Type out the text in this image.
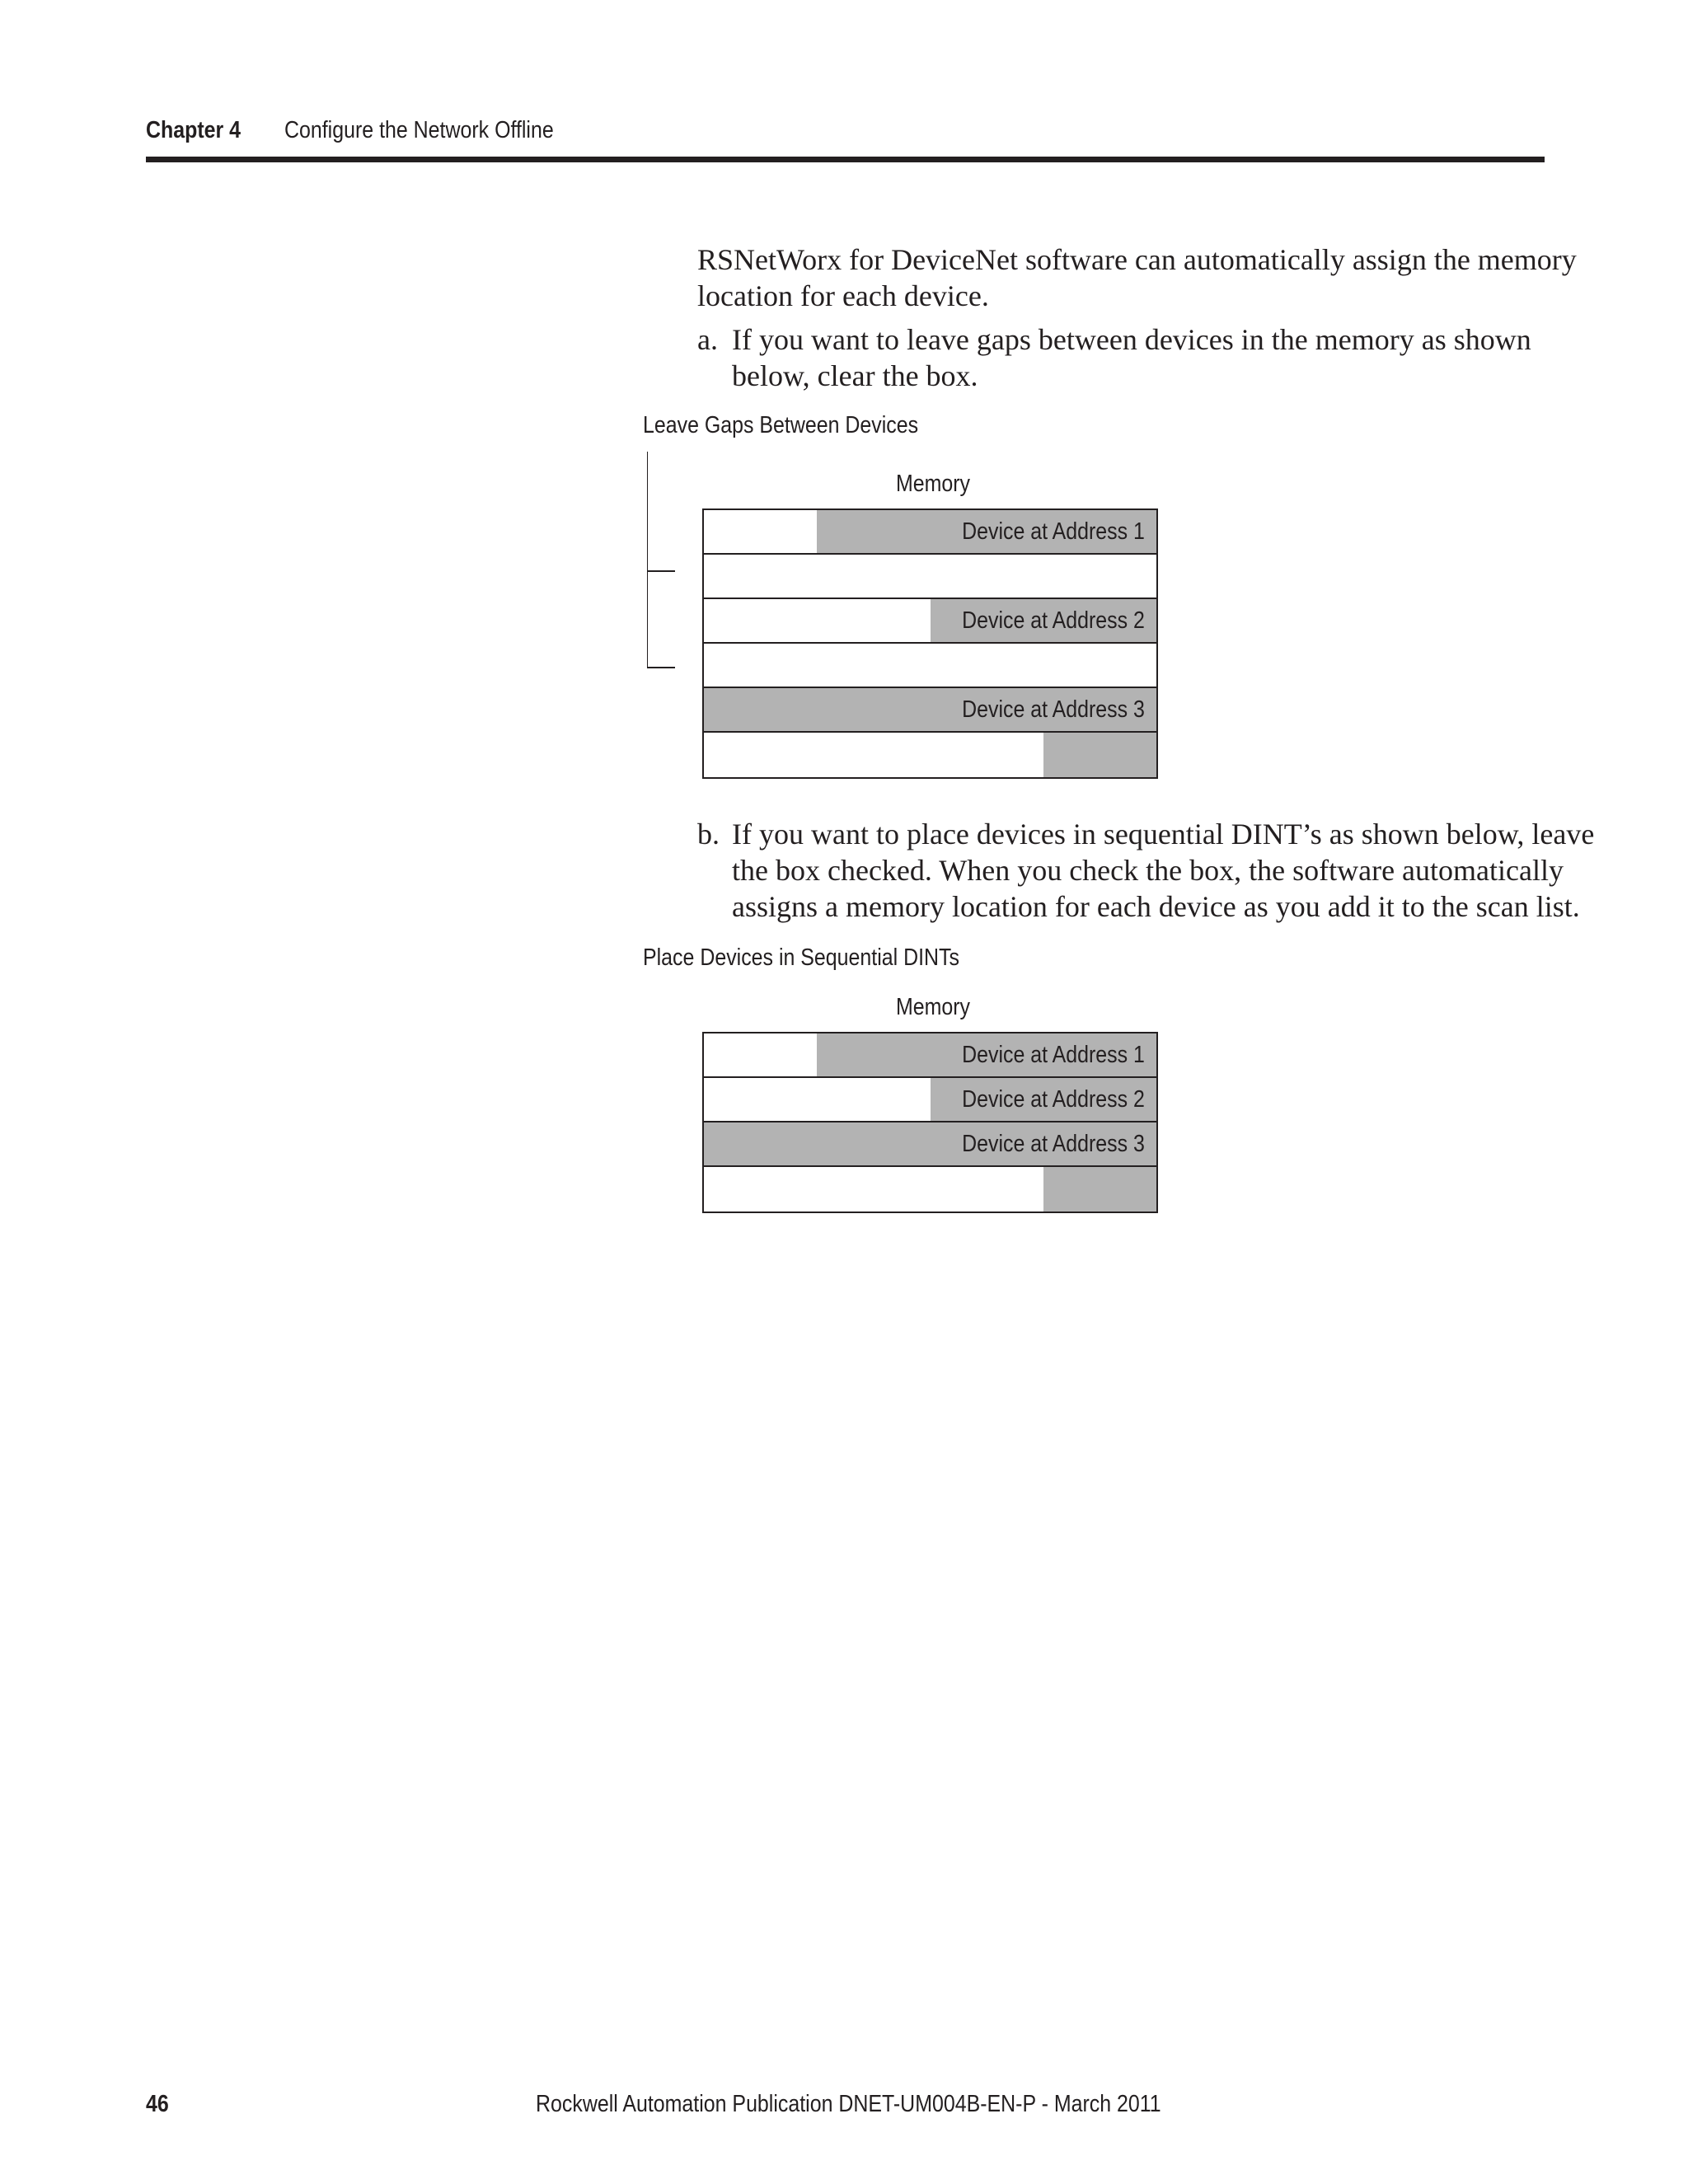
Chapter 4 Configure the Network Offline
RSNetWorx for DeviceNet software can automatically assign the memory
location for each device.
a. If you want to leave gaps between devices in the memory as shown
below, clear the box.
Leave Gaps Between Devices
Memory
Device at Address 1
Device at Address 2
Device at Address 3
b. If you want to place devices in sequential DINT’s as shown below, leave
the box checked. When you check the box, the software automatically
assigns a memory location for each device as you add it to the scan list.
Place Devices in Sequential DINTs
Memory
Device at Address 1
Device at Address 2
Device at Address 3
46	Rockwell Automation Publication DNET-UM004B-EN-P - March 2011
